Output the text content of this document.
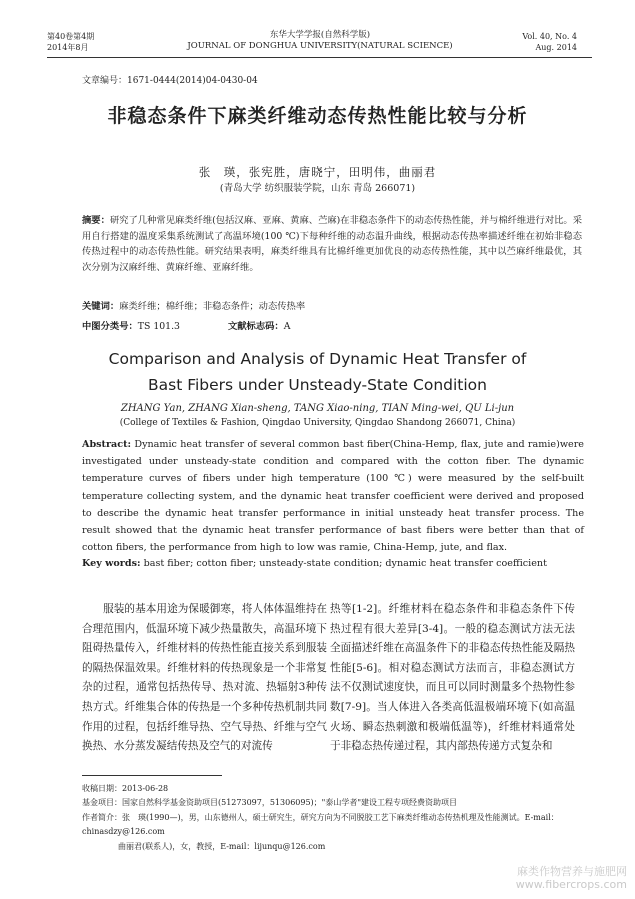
第40卷第4期
2014年8月
东华大学学报(自然科学版)
JOURNAL OF DONGHUA UNIVERSITY(NATURAL SCIENCE)
Vol. 40, No. 4
Aug. 2014
文章编号：1671-0444(2014)04-0430-04
非稳态条件下麻类纤维动态传热性能比较与分析
张　瑛，张宪胜，唐晓宁，田明伟，曲丽君
(青岛大学 纺织服装学院，山东 青岛 266071)
摘要：研究了几种常见麻类纤维(包括汉麻、亚麻、黄麻、苎麻)在非稳态条件下的动态传热性能，并与棉纤维进行对比。采用自行搭建的温度采集系统测试了高温环境(100 ℃)下每种纤维的动态温升曲线，根据动态传热率描述纤维在初始非稳态传热过程中的动态传热性能。研究结果表明，麻类纤维具有比棉纤维更加优良的动态传热性能，其中以苎麻纤维最优，其次分别为汉麻纤维、黄麻纤维、亚麻纤维。
关键词：麻类纤维；棉纤维；非稳态条件；动态传热率
中图分类号：TS 101.3	文献标志码：A
Comparison and Analysis of Dynamic Heat Transfer of
Bast Fibers under Unsteady-State Condition
ZHANG Yan, ZHANG Xian-sheng, TANG Xiao-ning, TIAN Ming-wei, QU Li-jun
(College of Textiles & Fashion, Qingdao University, Qingdao Shandong 266071, China)
Abstract: Dynamic heat transfer of several common bast fiber(China-Hemp, flax, jute and ramie)were investigated under unsteady-state condition and compared with the cotton fiber. The dynamic temperature curves of fibers under high temperature (100 ℃) were measured by the self-built temperature collecting system, and the dynamic heat transfer coefficient were derived and proposed to describe the dynamic heat transfer performance in initial unsteady heat transfer process. The result showed that the dynamic heat transfer performance of bast fibers were better than that of cotton fibers, the performance from high to low was ramie, China-Hemp, jute, and flax.
Key words: bast fiber; cotton fiber; unsteady-state condition; dynamic heat transfer coefficient
服装的基本用途为保暖御寒，将人体体温维持在合理范围内，低温环境下减少热量散失，高温环境下阻碍热量传入，纤维材料的传热性能直接关系到服装的隔热保温效果。纤维材料的传热现象是一个非常复杂的过程，通常包括热传导、热对流、热辐射3种传热方式。纤维集合体的传热是一个多种传热机制共同作用的过程，包括纤维导热、空气导热、纤维与空气换热、水分蒸发凝结传热及空气的对流传
热等[1-2]。纤维材料在稳态条件和非稳态条件下传热过程有很大差异[3-4]。一般的稳态测试方法无法全面描述纤维在高温条件下的非稳态传热性能及隔热性能[5-6]。相对稳态测试方法而言，非稳态测试方法不仅测试速度快，而且可以同时测量多个热物性参数[7-9]。当人体进入各类高低温极端环境下(如高温火场、瞬态热刺激和极端低温等)，纤维材料通常处于非稳态热传递过程，其内部热传递方式复杂和
收稿日期：2013-06-28
基金项目：国家自然科学基金资助项目(51273097，51306095)；"泰山学者"建设工程专项经费资助项目
作者简介：张　瑛(1990—)，男，山东德州人，硕士研究生，研究方向为不同脱胶工艺下麻类纤维动态传热机理及性能测试。E-mail：chinasdzy@126.com
曲丽君(联系人)，女，教授，E-mail：lijunqu@126.com
麻类作物营养与施肥网
www.fibercrops.com
